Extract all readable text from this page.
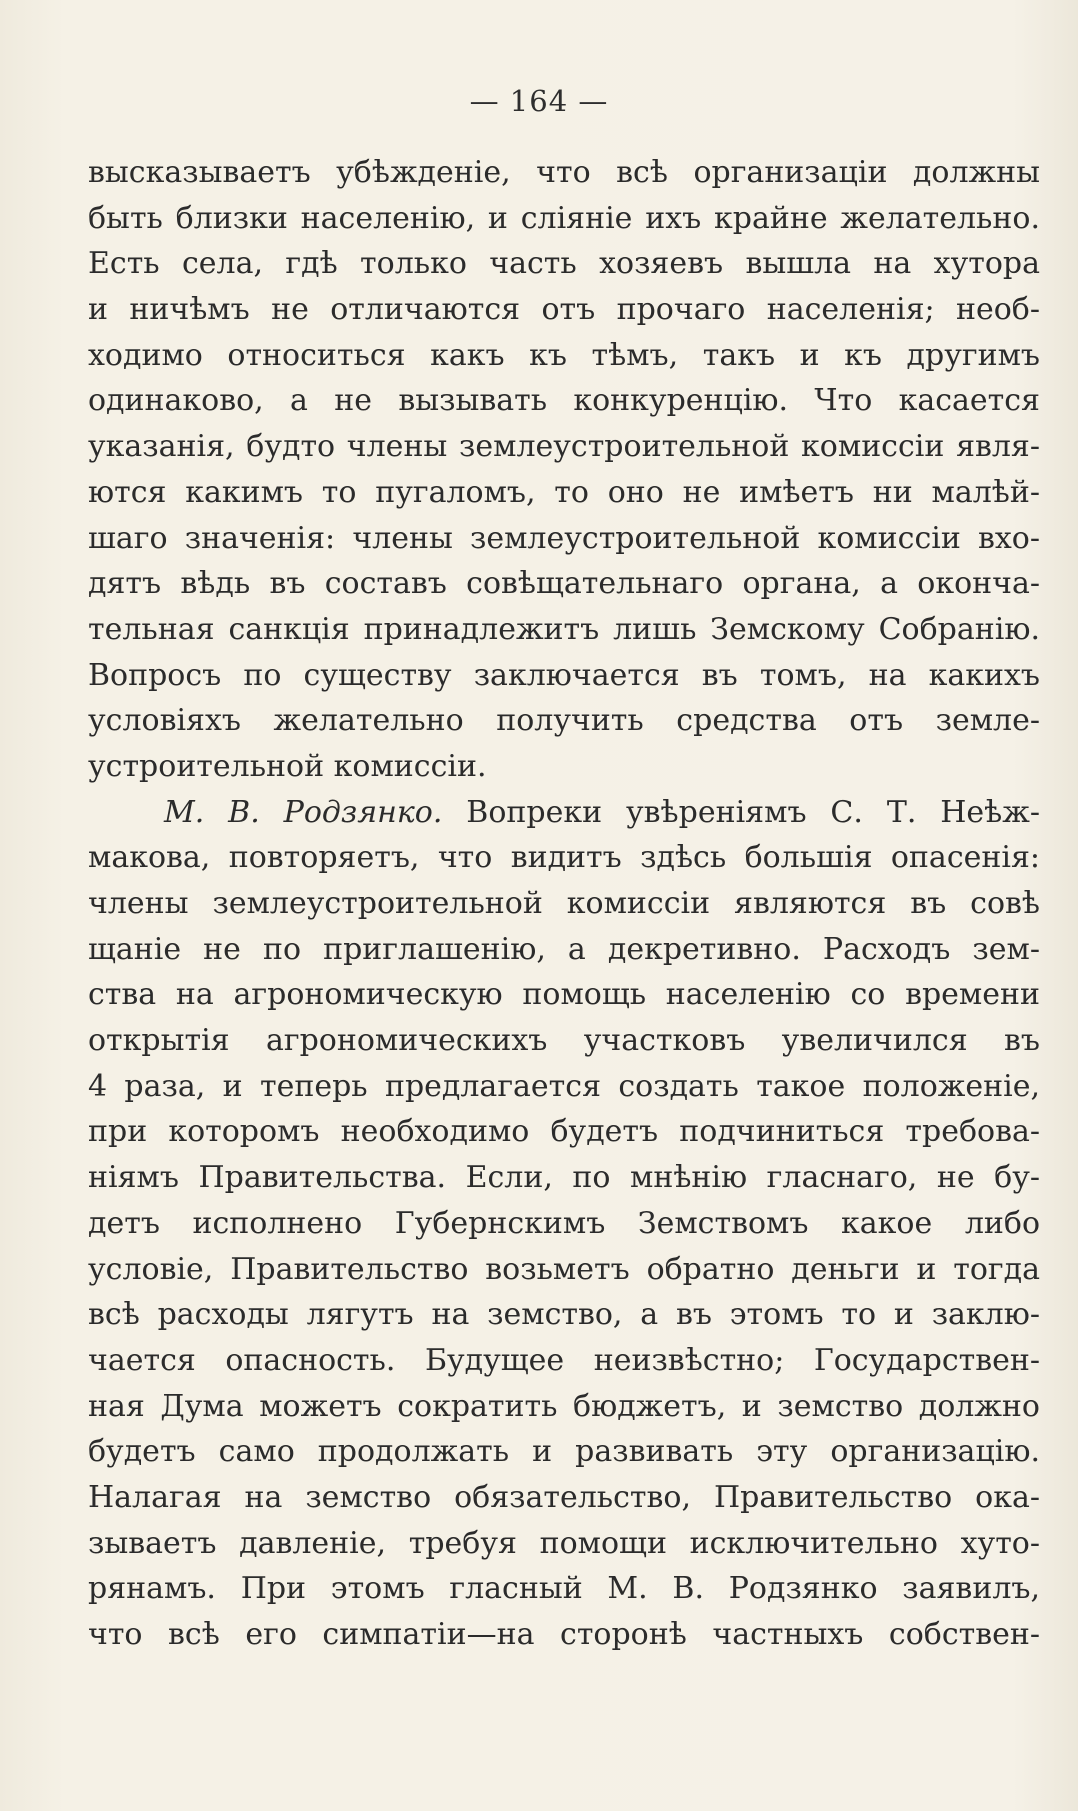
— 164 —
высказываетъ убѣжденіе, что всѣ организаціи должны
быть близки населенію, и сліяніе ихъ крайне желательно.
Есть села, гдѣ только часть хозяевъ вышла на хутора
и ничѣмъ не отличаются отъ прочаго населенія; необ-
ходимо относиться какъ къ тѣмъ, такъ и къ другимъ
одинаково, а не вызывать конкуренцію. Что касается
указанія, будто члены землеустроительной комиссіи явля-
ются какимъ то пугаломъ, то оно не имѣетъ ни малѣй-
шаго значенія: члены землеустроительной комиссіи вхо-
дятъ вѣдь въ составъ совѣщательнаго органа, а оконча-
тельная санкція принадлежитъ лишь Земскому Собранію.
Вопросъ по существу заключается въ томъ, на какихъ
условіяхъ желательно получить средства отъ земле-
устроительной комиссіи.
М. В. Родзянко. Вопреки увѣреніямъ С. Т. Неѣж-
макова, повторяетъ, что видитъ здѣсь большія опасенія:
члены землеустроительной комиссіи являются въ совѣ
щаніе не по приглашенію, а декретивно. Расходъ зем-
ства на агрономическую помощь населенію со времени
открытія агрономическихъ участковъ увеличился въ
4 раза, и теперь предлагается создать такое положеніе,
при которомъ необходимо будетъ подчиниться требова-
ніямъ Правительства. Если, по мнѣнію гласнаго, не бу-
детъ исполнено Губернскимъ Земствомъ какое либо
условіе, Правительство возьметъ обратно деньги и тогда
всѣ расходы лягутъ на земство, а въ этомъ то и заклю-
чается опасность. Будущее неизвѣстно; Государствен-
ная Дума можетъ сократить бюджетъ, и земство должно
будетъ само продолжать и развивать эту организацію.
Налагая на земство обязательство, Правительство ока-
зываетъ давленіе, требуя помощи исключительно хуто-
рянамъ. При этомъ гласный М. В. Родзянко заявилъ,
что всѣ его симпатіи—на сторонѣ частныхъ собствен-
